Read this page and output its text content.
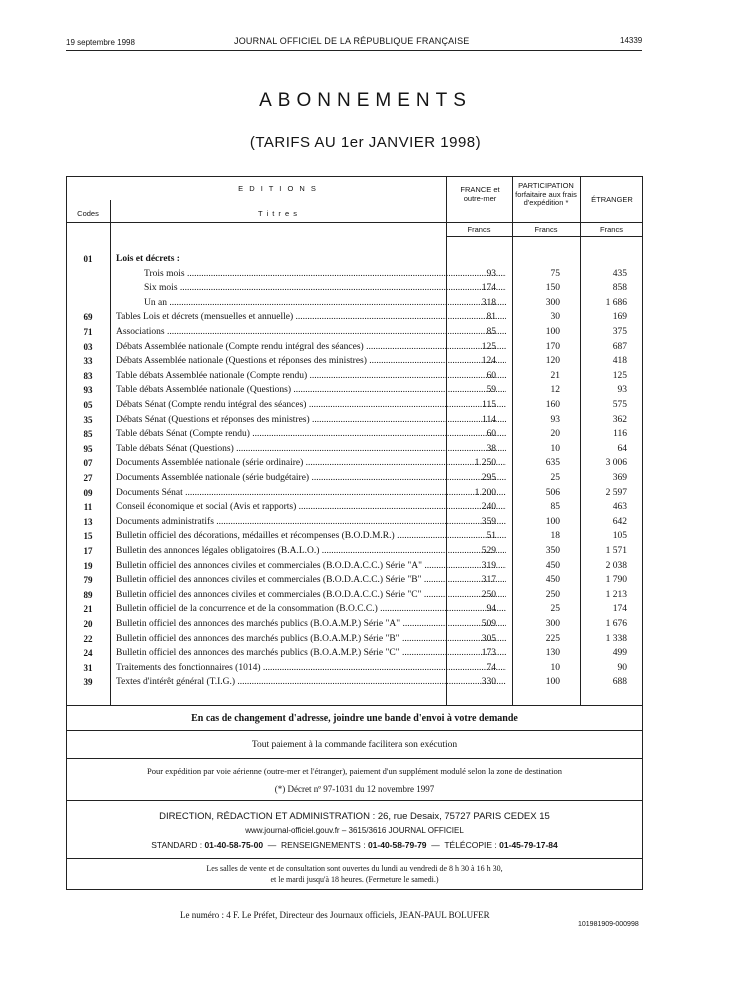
19 septembre 1998	JOURNAL OFFICIEL DE LA RÉPUBLIQUE FRANÇAISE	14339
ABONNEMENTS
(TARIFS AU 1er JANVIER 1998)
E D I T I O N S
Codes	T i t r e s
FRANCE et outre-mer
PARTICIPATION forfaitaire aux frais d'expédition *	ÉTRANGER
Francs	Francs	Francs
01	Lois et décrets :
Trois mois .....	93	75	435
Six mois .....	174	150	858
Un an .....	318	300	1 686
69	Tables Lois et décrets (mensuelles et annuelle) .....	81	30	169
71	Associations .....	85	100	375
03	Débats Assemblée nationale (Compte rendu intégral des séances) .....	125	170	687
33	Débats Assemblée nationale (Questions et réponses des ministres) .....	124	120	418
83	Table débats Assemblée nationale (Compte rendu) .....	60	21	125
93	Table débats Assemblée nationale (Questions) .....	59	12	93
05	Débats Sénat (Compte rendu intégral des séances) .....	115	160	575
35	Débats Sénat (Questions et réponses des ministres) .....	114	93	362
85	Table débats Sénat (Compte rendu) .....	60	20	116
95	Table débats Sénat (Questions) .....	38	10	64
07	Documents Assemblée nationale (série ordinaire) .....	1 250	635	3 006
27	Documents Assemblée nationale (série budgétaire) .....	295	25	369
09	Documents Sénat .....	1 200	506	2 597
11	Conseil économique et social (Avis et rapports) .....	240	85	463
13	Documents administratifs .....	359	100	642
15	Bulletin officiel des décorations, médailles et récompenses (B.O.D.M.R.) .....	51	18	105
17	Bulletin des annonces légales obligatoires (B.A.L.O.) .....	529	350	1 571
19	Bulletin officiel des annonces civiles et commerciales (B.O.D.A.C.C.) Série "A" .....	319	450	2 038
79	Bulletin officiel des annonces civiles et commerciales (B.O.D.A.C.C.) Série "B" .....	317	450	1 790
89	Bulletin officiel des annonces civiles et commerciales (B.O.D.A.C.C.) Série "C" .....	250	250	1 213
21	Bulletin officiel de la concurrence et de la consommation (B.O.C.C.) .....	94	25	174
20	Bulletin officiel des annonces des marchés publics (B.O.A.M.P.) Série "A" .....	509	300	1 676
22	Bulletin officiel des annonces des marchés publics (B.O.A.M.P.) Série "B" .....	305	225	1 338
24	Bulletin officiel des annonces des marchés publics (B.O.A.M.P.) Série "C" .....	173	130	499
31	Traitements des fonctionnaires (1014) .....	74	10	90
39	Textes d'intérêt général (T.I.G.) .....	330	100	688
En cas de changement d'adresse, joindre une bande d'envoi à votre demande
Tout paiement à la commande facilitera son exécution
Pour expédition par voie aérienne (outre-mer et l'étranger), paiement d'un supplément modulé selon la zone de destination
(*) Décret nº 97-1031 du 12 novembre 1997
DIRECTION, RÉDACTION ET ADMINISTRATION : 26, rue Desaix, 75727 PARIS CEDEX 15
www.journal-officiel.gouv.fr – 3615/3616 JOURNAL OFFICIEL
STANDARD : 01-40-58-75-00  —  RENSEIGNEMENTS : 01-40-58-79-79  —  TÉLÉCOPIE : 01-45-79-17-84
Les salles de vente et de consultation sont ouvertes du lundi au vendredi de 8 h 30 à 16 h 30,
et le mardi jusqu'à 18 heures. (Fermeture le samedi.)
Le numéro : 4 F. Le Préfet, Directeur des Journaux officiels, JEAN-PAUL BOLUFER
101981909-000998
